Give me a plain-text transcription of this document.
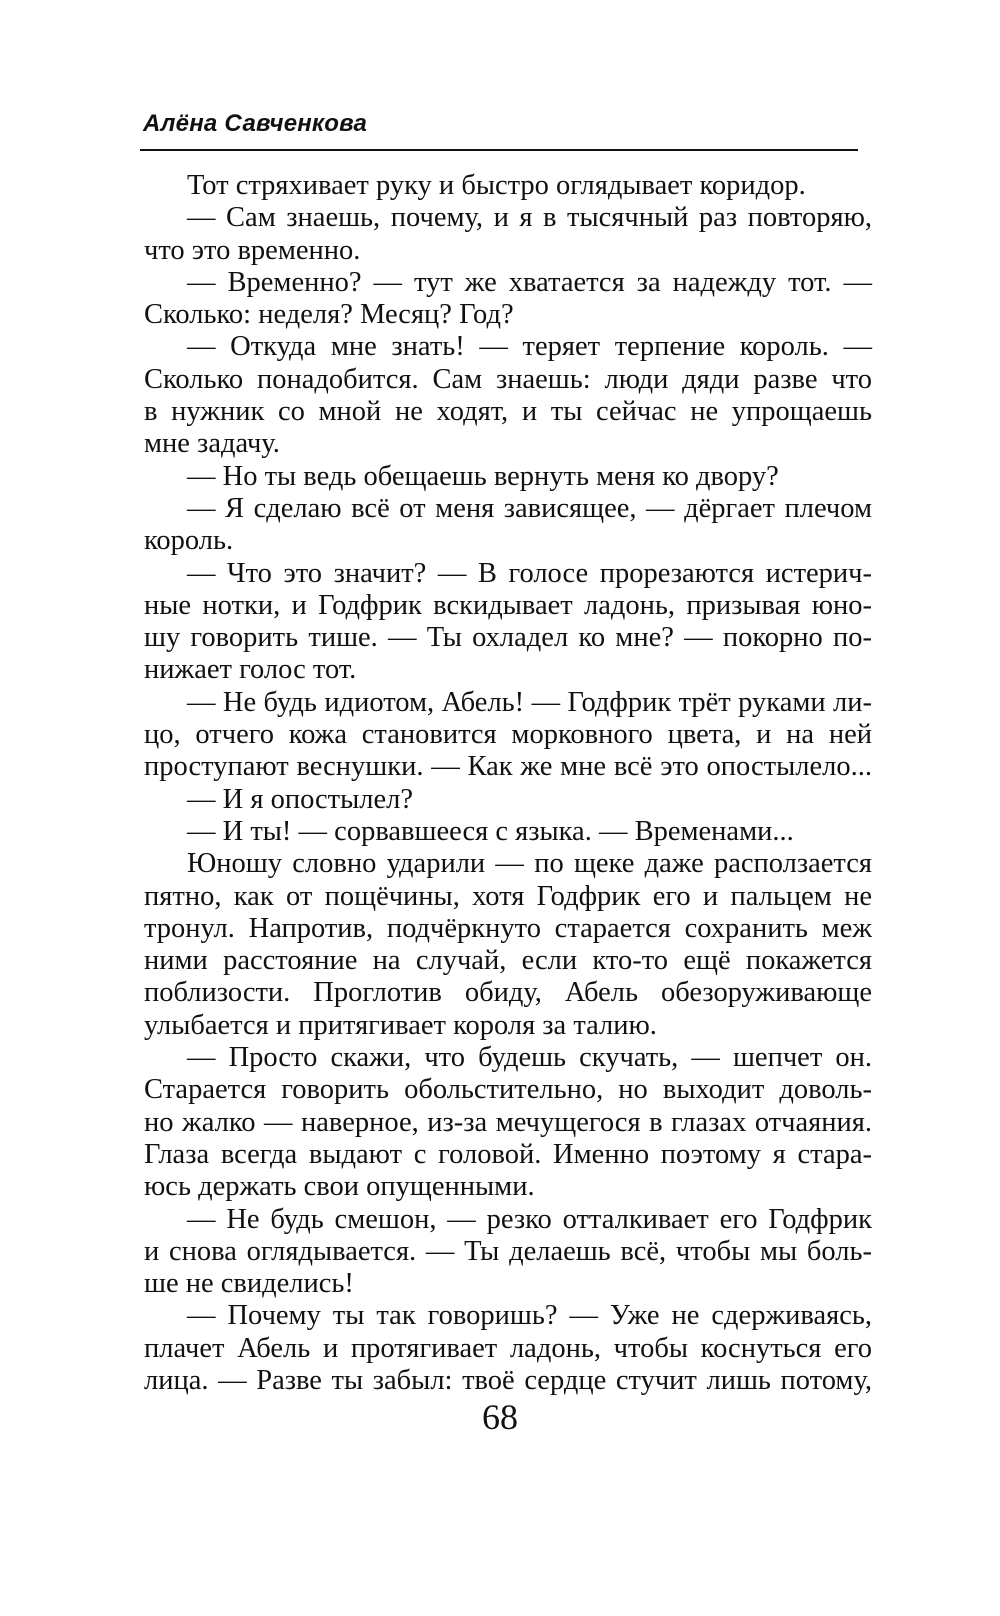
Алёна Савченкова
Тот стряхивает руку и быстро оглядывает коридор.
— Сам знаешь, почему, и я в тысячный раз повторяю,
что это временно.
— Временно? — тут же хватается за надежду тот. —
Сколько: неделя? Месяц? Год?
— Откуда мне знать! — теряет терпение король. —
Сколько понадобится. Сам знаешь: люди дяди разве что
в нужник со мной не ходят, и ты сейчас не упрощаешь
мне задачу.
— Но ты ведь обещаешь вернуть меня ко двору?
— Я сделаю всё от меня зависящее, — дёргает плечом
король.
— Что это значит? — В голосе прорезаются истерич-
ные нотки, и Годфрик вскидывает ладонь, призывая юно-
шу говорить тише. — Ты охладел ко мне? — покорно по-
нижает голос тот.
— Не будь идиотом, Абель! — Годфрик трёт руками ли-
цо, отчего кожа становится морковного цвета, и на ней
проступают веснушки. — Как же мне всё это опостылело...
— И я опостылел?
— И ты! — сорвавшееся с языка. — Временами...
Юношу словно ударили — по щеке даже расползается
пятно, как от пощёчины, хотя Годфрик его и пальцем не
тронул. Напротив, подчёркнуто старается сохранить меж
ними расстояние на случай, если кто-то ещё покажется
поблизости. Проглотив обиду, Абель обезоруживающе
улыбается и притягивает короля за талию.
— Просто скажи, что будешь скучать, — шепчет он.
Старается говорить обольстительно, но выходит доволь-
но жалко — наверное, из-за мечущегося в глазах отчаяния.
Глаза всегда выдают с головой. Именно поэтому я стара-
юсь держать свои опущенными.
— Не будь смешон, — резко отталкивает его Годфрик
и снова оглядывается. — Ты делаешь всё, чтобы мы боль-
ше не свиделись!
— Почему ты так говоришь? — Уже не сдерживаясь,
плачет Абель и протягивает ладонь, чтобы коснуться его
лица. — Разве ты забыл: твоё сердце стучит лишь потому,
68
